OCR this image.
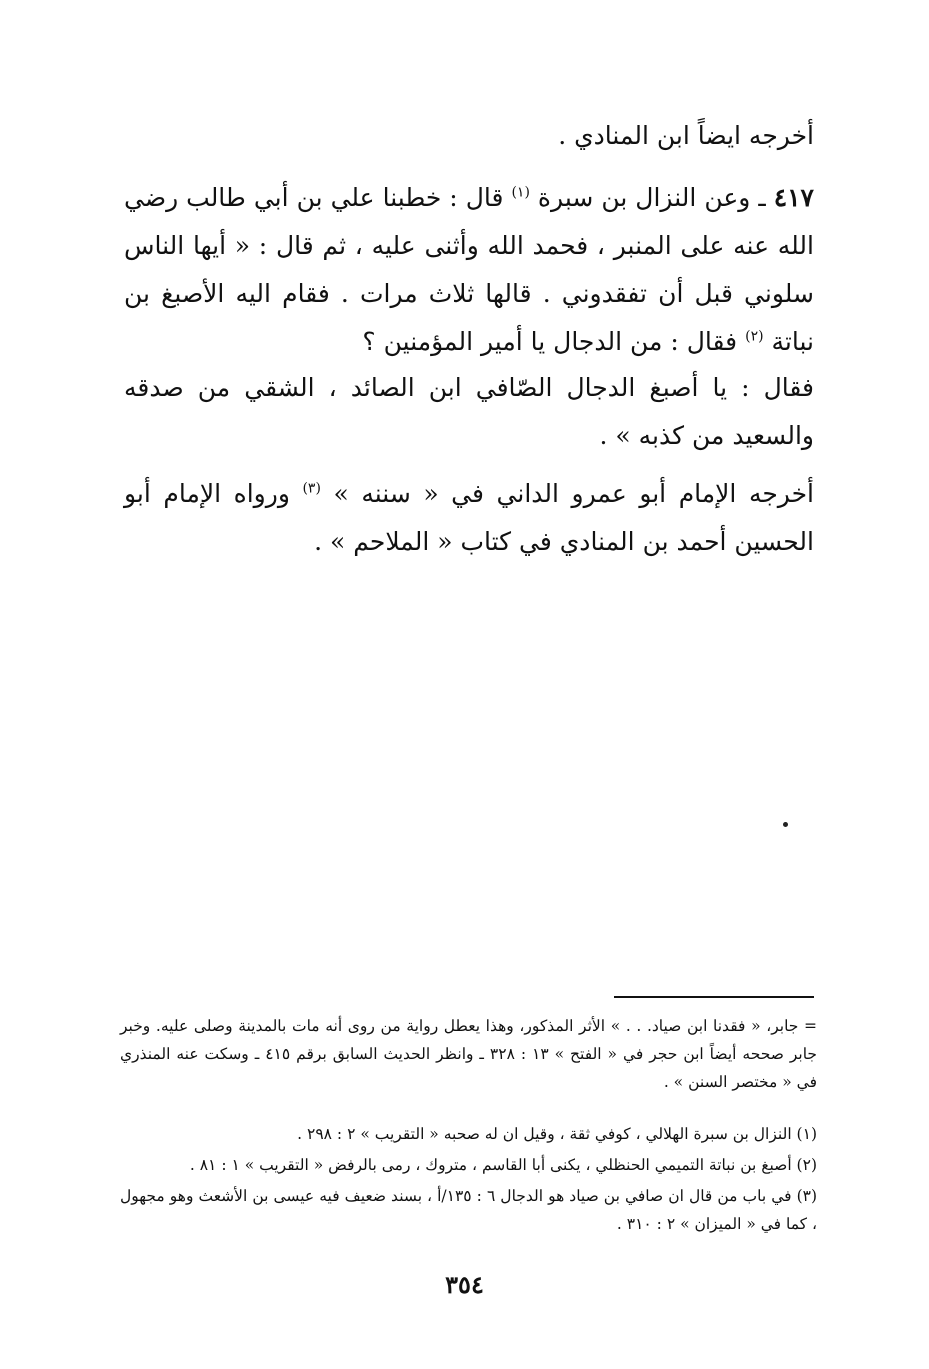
أخرجه ايضاً ابن المنادي .

٤١٧ ـ وعن النزال بن سبرة $^{(١)}$ قال : خطبنا علي بن أبي طالب رضي الله عنه على المنبر ، فحمد الله وأثنى عليه ، ثم قال : « أيها الناس سلوني قبل أن تفقدوني . قالها ثلاث مرات . فقام اليه الأصبغ بن نباتة $^{(٢)}$ فقال : من الدجال يا أمير المؤمنين ؟

فقال : يا أصبغ الدجال الصّافي ابن الصائد ، الشقي من صدقه والسعيد من كذبه » .

أخرجه الإمام أبو عمرو الداني في « سننه » $^{(٣)}$ ورواه الإمام أبو الحسين أحمد بن المنادي في كتاب « الملاحم » .

= جابر، « فقدنا ابن صياد. . . » الأثر المذكور، وهذا يعطل رواية من روى أنه مات بالمدينة وصلى عليه. وخبر جابر صححه أيضاً ابن حجر في « الفتح » ١٣ : ٣٢٨ ـ وانظر الحديث السابق برقم ٤١٥ ـ وسكت عنه المنذري في « مختصر السنن » .

(١) النزال بن سبرة الهلالي ، كوفي ثقة ، وقيل ان له صحبه « التقريب » ٢ : ٢٩٨ .

(٢) أصبغ بن نباتة التميمي الحنظلي ، يكنى أبا القاسم ، متروك ، رمى بالرفض « التقريب » ١ : ٨١ .

(٣) في باب من قال ان صافي بن صياد هو الدجال ٦ : ١٣٥/أ ، بسند ضعيف فيه عيسى بن الأشعث وهو مجهول ، كما في « الميزان » ٢ : ٣١٠ .

٣٥٤
